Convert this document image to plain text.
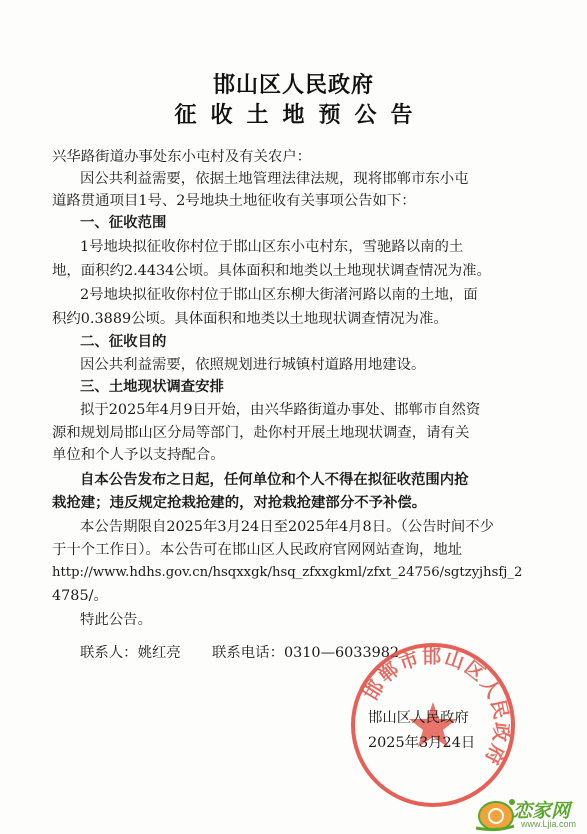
邯山区人民政府
征收土地预公告
兴华路街道办事处东小屯村及有关农户：
因公共利益需要，依据土地管理法律法规，现将邯郸市东小屯
道路贯通项目1号、2号地块土地征收有关事项公告如下：
一、征收范围
1号地块拟征收你村位于邯山区东小屯村东，雪驰路以南的土
地，面积约2.4434公顷。具体面积和地类以土地现状调查情况为准。
2号地块拟征收你村位于邯山区东柳大街渚河路以南的土地，面
积约0.3889公顷。具体面积和地类以土地现状调查情况为准。
二、征收目的
因公共利益需要，依照规划进行城镇村道路用地建设。
三、土地现状调查安排
拟于2025年4月9日开始，由兴华路街道办事处、邯郸市自然资
源和规划局邯山区分局等部门，赴你村开展土地现状调查，请有关
单位和个人予以支持配合。
自本公告发布之日起，任何单位和个人不得在拟征收范围内抢
栽抢建；违反规定抢栽抢建的，对抢栽抢建部分不予补偿。
本公告期限自2025年3月24日至2025年4月8日。（公告时间不少
于十个工作日）。本公告可在邯山区人民政府官网网站查询，地址
http://www.hdhs.gov.cn/hsqxxgk/hsq_zfxxgkml/zfxt_24756/sgtzyjhsfj_2
4785/。
特此公告。
联系人：姚红亮 联系电话：0310—6033982
邯郸市邯山区人民政府
邯山区人民政府
2025年3月24日
恋家网
www.Ljia.com
